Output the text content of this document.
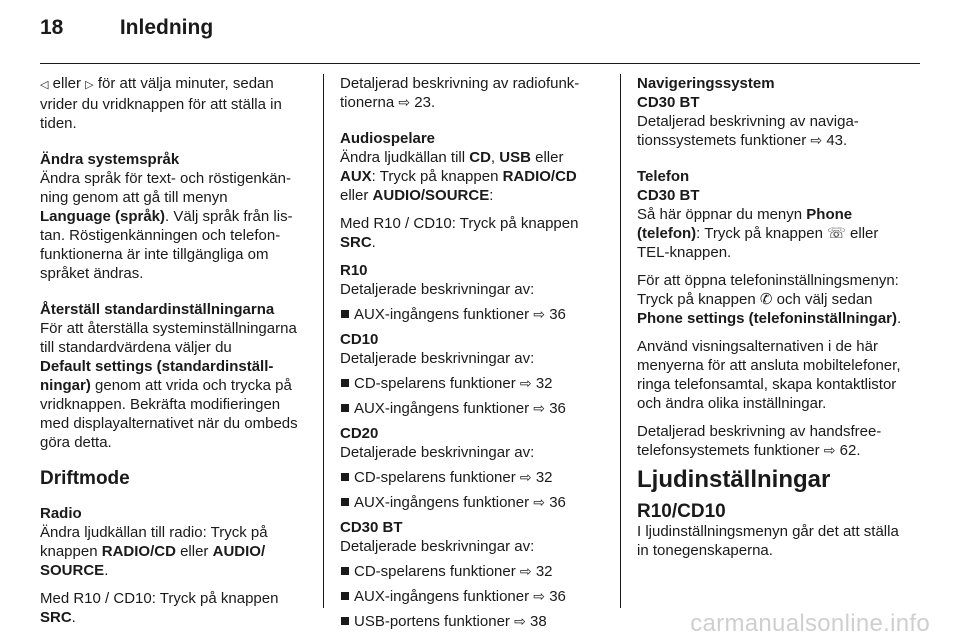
18	Inledning

◁ eller ▷ för att välja minuter, sedan vrider du vridknappen för att ställa in tiden.

Ändra systemspråk
Ändra språk för text- och röstigenkänning genom att gå till menyn
Language (språk). Välj språk från listan. Röstigenkänningen och telefonfunktionerna är inte tillgängliga om språket ändras.

Återställ standardinställningarna
För att återställa systeminställningarna till standardvärdena väljer du
Default settings (standardinställningar) genom att vrida och trycka på vridknappen. Bekräfta modifieringen med displayalternativet när du ombeds göra detta.

Driftmode

Radio
Ändra ljudkällan till radio: Tryck på knappen RADIO/CD eller AUDIO/ SOURCE.

Med R10 / CD10: Tryck på knappen
SRC.

Detaljerad beskrivning av radiofunktionerna ⇨ 23.

Audiospelare
Ändra ljudkällan till CD, USB eller
AUX: Tryck på knappen RADIO/CD
eller AUDIO/SOURCE:

Med R10 / CD10: Tryck på knappen
SRC.

R10
Detaljerade beskrivningar av:
AUX-ingångens funktioner ⇨ 36
CD10
Detaljerade beskrivningar av:
CD-spelarens funktioner ⇨ 32
AUX-ingångens funktioner ⇨ 36
CD20
Detaljerade beskrivningar av:
CD-spelarens funktioner ⇨ 32
AUX-ingångens funktioner ⇨ 36
CD30 BT
Detaljerade beskrivningar av:
CD-spelarens funktioner ⇨ 32
AUX-ingångens funktioner ⇨ 36
USB-portens funktioner ⇨ 38

Navigeringssystem
CD30 BT
Detaljerad beskrivning av navigationssystemets funktioner ⇨ 43.

Telefon
CD30 BT
Så här öppnar du menyn Phone (telefon): Tryck på knappen ☏ eller TEL-knappen.

För att öppna telefoninställningsmenyn: Tryck på knappen ✆ och välj sedan Phone settings (telefoninställningar).

Använd visningsalternativen i de här menyerna för att ansluta mobiltelefoner, ringa telefonsamtal, skapa kontaktlistor och ändra olika inställningar.

Detaljerad beskrivning av handsfree-telefonsystemets funktioner ⇨ 62.

Ljudinställningar
R10/CD10

I ljudinställningsmenyn går det att ställa in tonegenskaperna.

carmanualsonline.info
